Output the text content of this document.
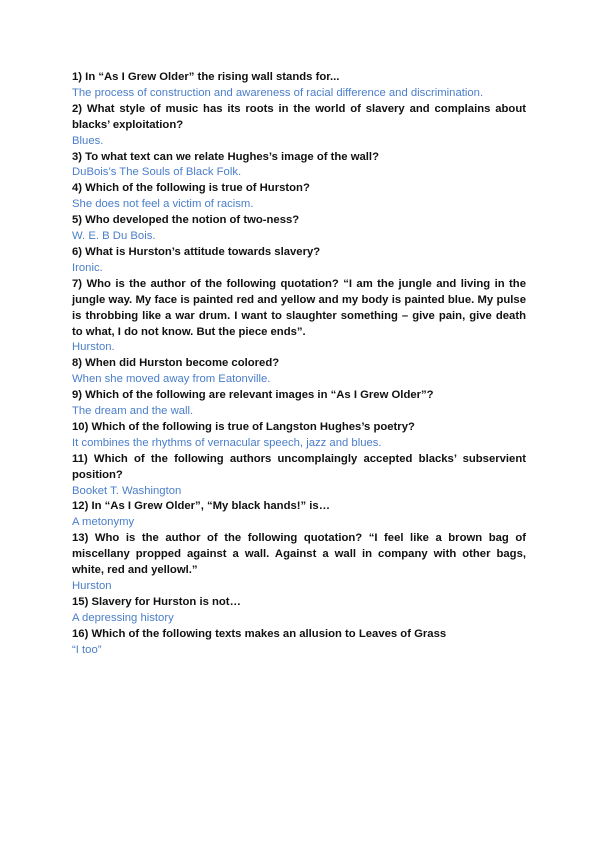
1) In “As I Grew Older” the rising wall stands for...

The process of construction and awareness of racial difference and discrimination.

2) What style of music has its roots in the world of slavery and complains about blacks’ exploitation?

Blues.

3) To what text can we relate Hughes’s image of the wall?

DuBois’s The Souls of Black Folk.

4) Which of the following is true of Hurston?

She does not feel a victim of racism.

5) Who developed the notion of two-ness?

W. E. B Du Bois.

6) What is Hurston’s attitude towards slavery?

Ironic.

7) Who is the author of the following quotation? “I am the jungle and living in the jungle way. My face is painted red and yellow and my body is painted blue. My pulse is throbbing like a war drum. I want to slaughter something – give pain, give death to what, I do not know. But the piece ends”.

Hurston.

8) When did Hurston become colored?

When she moved away from Eatonville.

9) Which of the following are relevant images in “As I Grew Older”?

The dream and the wall.

10) Which of the following is true of Langston Hughes’s poetry?

It combines the rhythms of vernacular speech, jazz and blues.

11) Which of the following authors uncomplaingly accepted blacks’ subservient position?

Booket T. Washington

12) In “As I Grew Older”, “My black hands!” is…

A metonymy

13) Who is the author of the following quotation? “I feel like a brown bag of miscellany propped against a wall. Against a wall in company with other bags, white, red and yellowl.”

Hurston

15) Slavery for Hurston is not…

A depressing history

16) Which of the following texts makes an allusion to Leaves of Grass

“I too”
